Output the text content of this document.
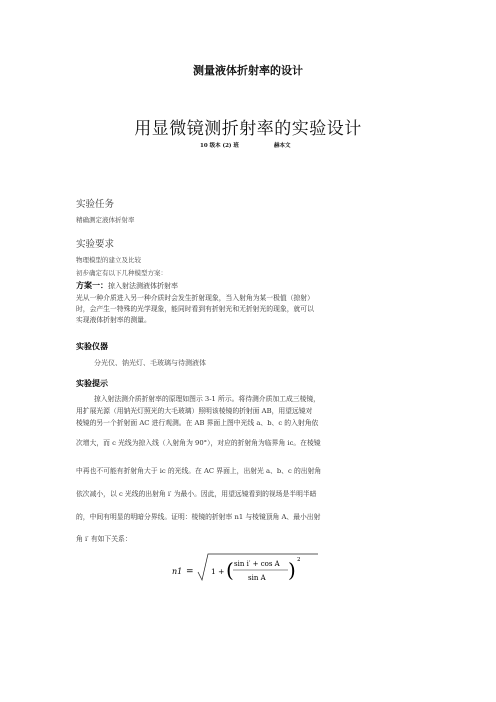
测量液体折射率的设计
用显微镜测折射率的实验设计
10 级本 (2) 班	赫本文
实验任务
精确测定液体折射率
实验要求
物理模型的建立及比较
初步确定有以下几种模型方案：
方案一：掠入射法测液体折射率
光从一种介质进入另一种介质时会发生折射现象，当入射角为某一极值（掠射）
时，会产生一特殊的光学现象，能同时看到有折射光和无折射光的现象，就可以
实现液体折射率的测量。
实验仪器
分光仪、钠光灯、毛玻璃与待测液体
实验提示
掠入射法测介质折射率的原理如图示 3-1 所示。将待测介质加工成三棱镜，
用扩展光源（用钠光灯照光的大毛玻璃）照明该棱镜的折射面 AB，用望远镜对
棱镜的另一个折射面 AC 进行观测。在 AB 界面上图中光线 a、b、c 的入射角依
次增大，而 c 光线为掠入线（入射角为 90°），对应的折射角为临界角 ic。在棱镜
中再也不可能有折射角大于 ic 的光线。在 AC 界面上，出射光 a、b、c 的出射角
依次减小，以 c 光线的出射角 i′ 为最小。因此，用望远镜看到的视场是半明半暗
的，中间有明显的明暗分界线。证明：棱镜的折射率 n1 与棱镜顶角 A、最小出射
角 i′ 有如下关系：
n1 = 1 + ( sin i′ + cos A
sin A ) 2
